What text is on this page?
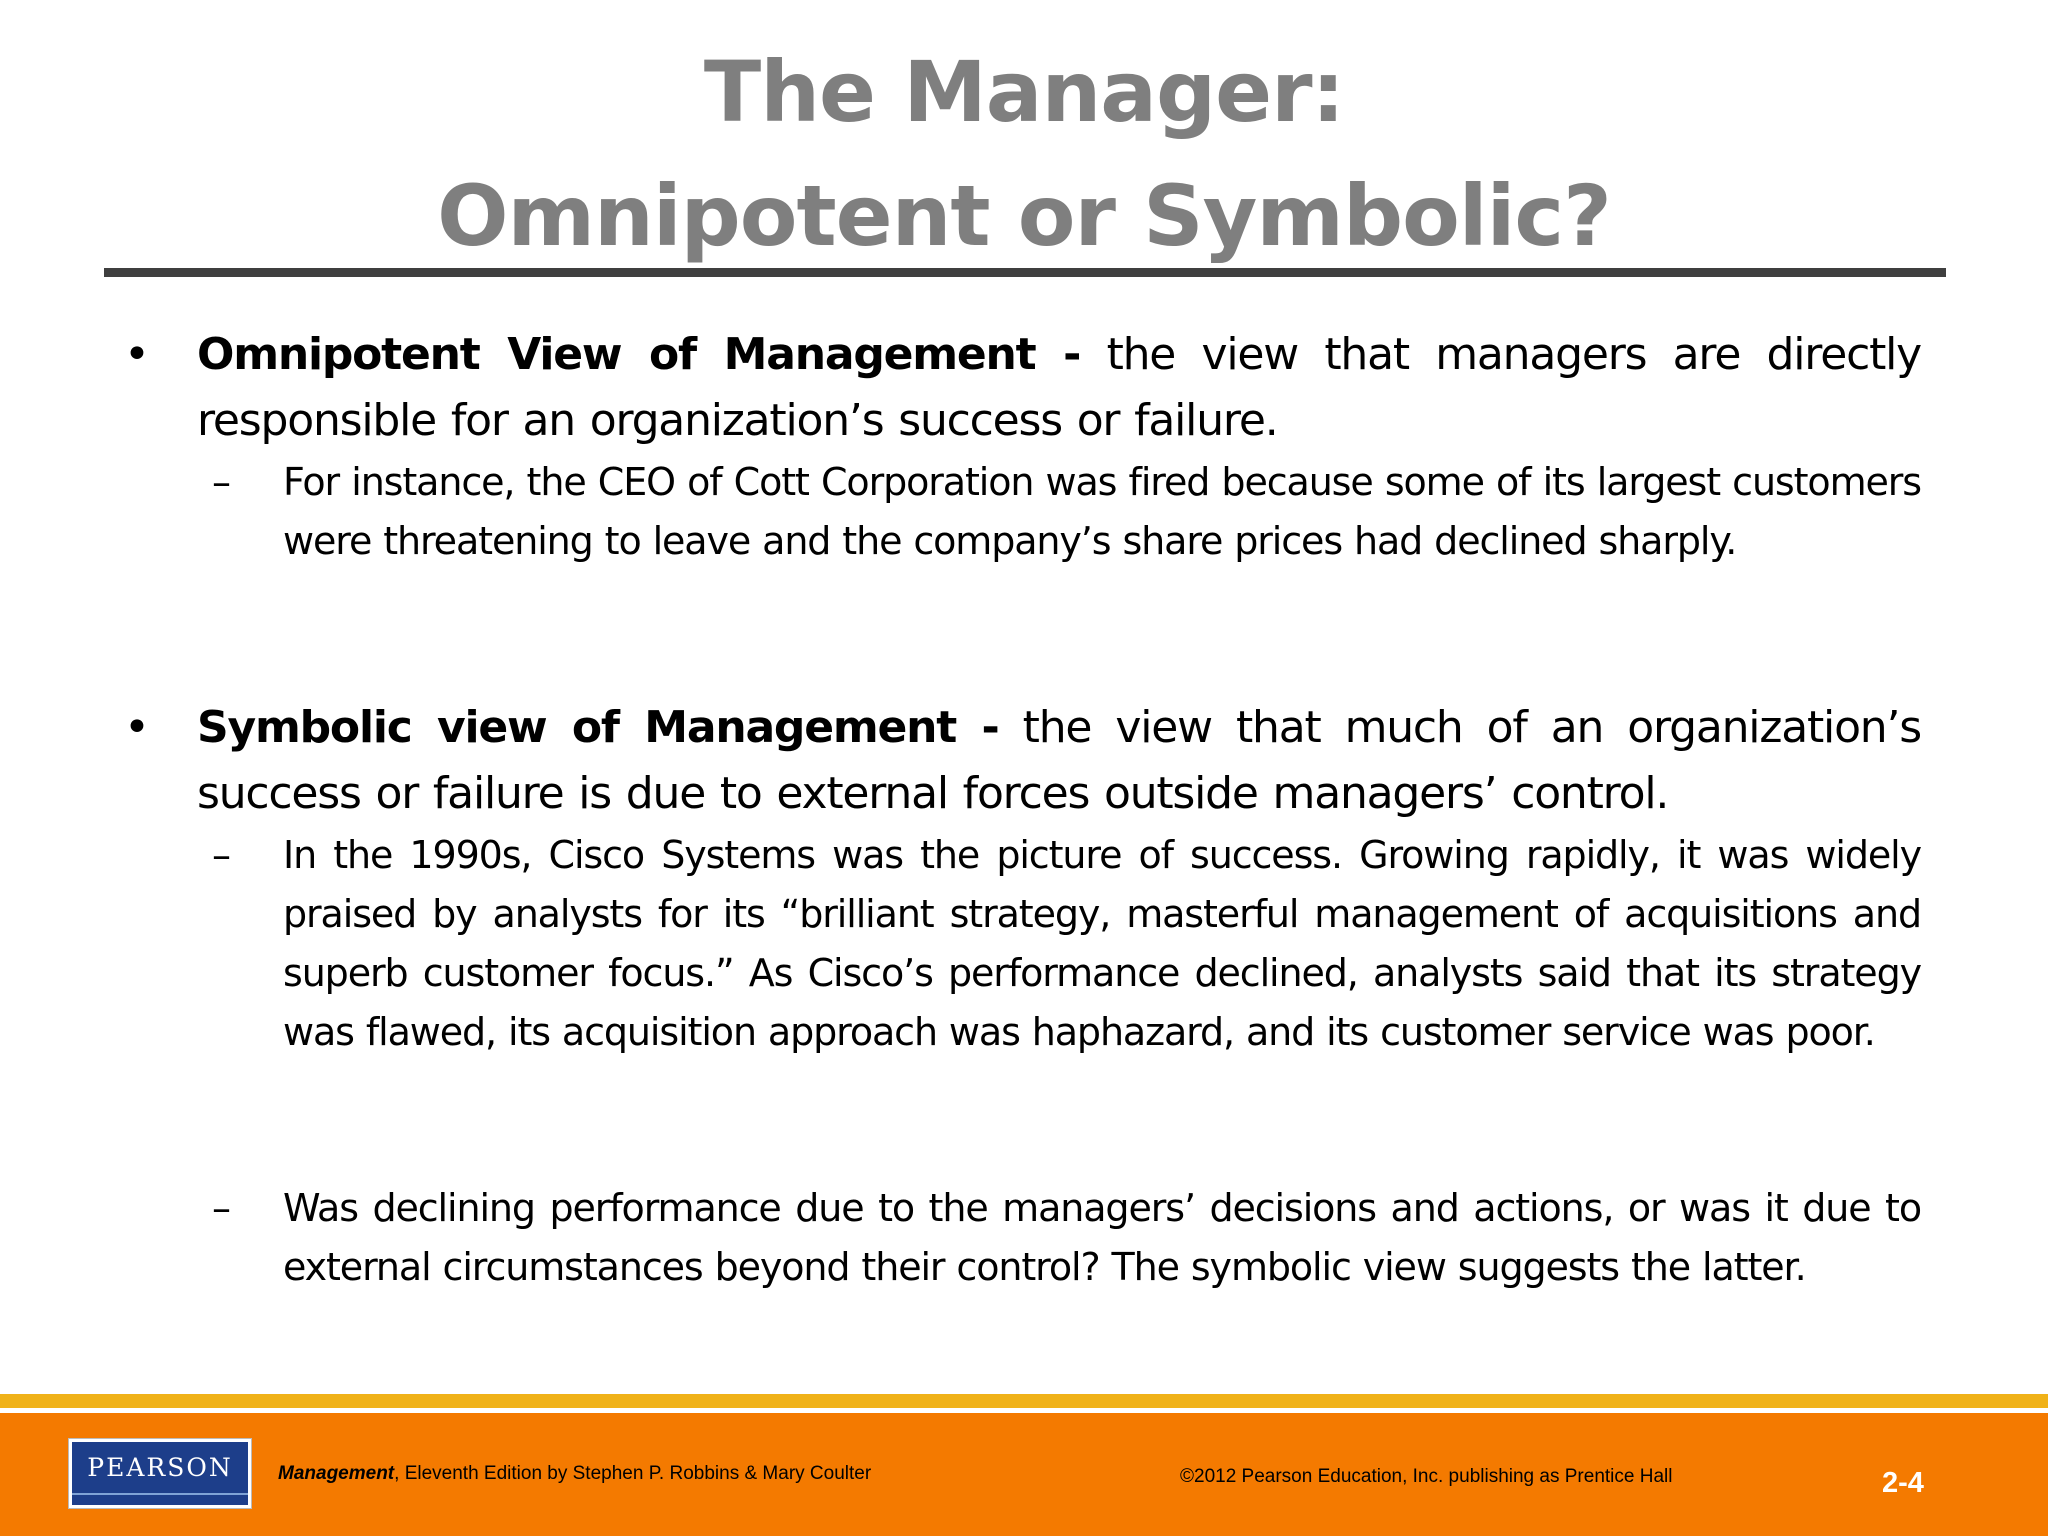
The Manager:
Omnipotent or Symbolic?
• Omnipotent View of Management - the view that managers are directly responsible for an organization’s success or failure.
– For instance, the CEO of Cott Corporation was fired because some of its largest customers were threatening to leave and the company’s share prices had declined sharply.
• Symbolic view of Management - the view that much of an organization’s success or failure is due to external forces outside managers’ control.
– In the 1990s, Cisco Systems was the picture of success. Growing rapidly, it was widely praised by analysts for its “brilliant strategy, masterful management of acquisitions and superb customer focus.” As Cisco’s performance declined, analysts said that its strategy was flawed, its acquisition approach was haphazard, and its customer service was poor.
– Was declining performance due to the managers’ decisions and actions, or was it due to external circumstances beyond their control? The symbolic view suggests the latter.
PEARSON	Management, Eleventh Edition by Stephen P. Robbins & Mary Coulter	©2012 Pearson Education, Inc. publishing as Prentice Hall	2-4
